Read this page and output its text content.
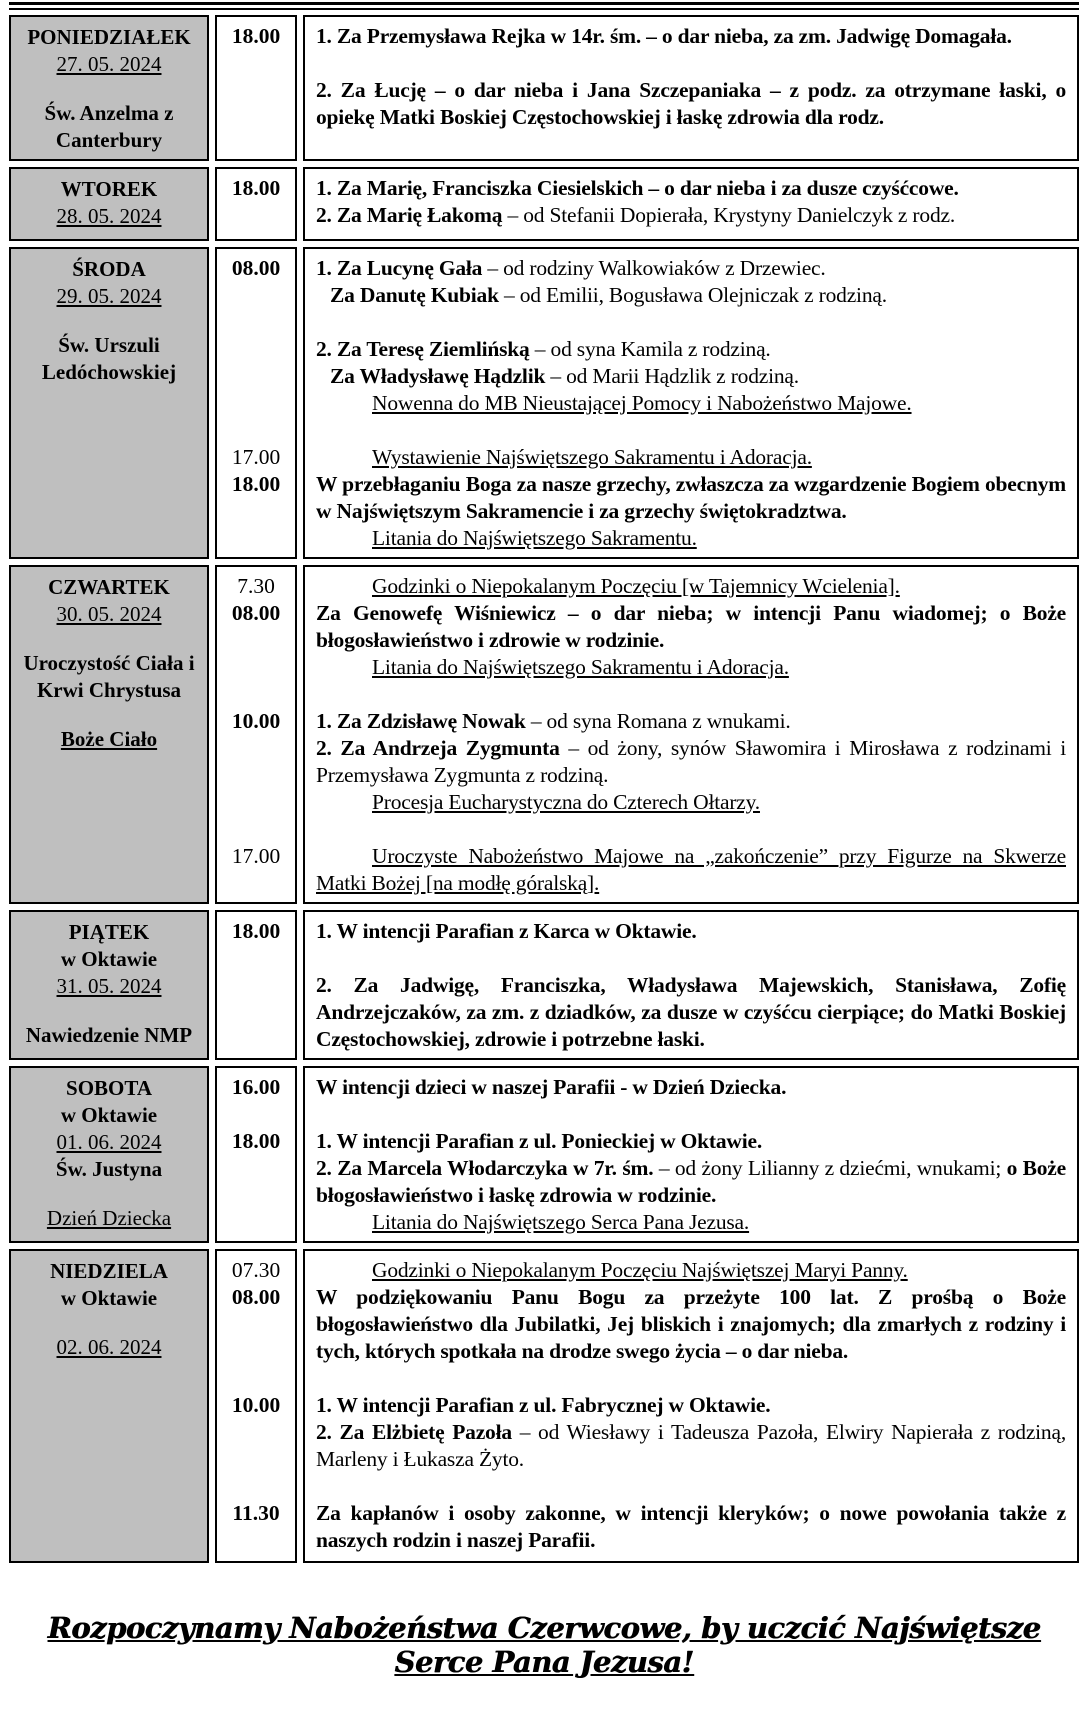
PONIEDZIAŁEK
27. 05. 2024
Św. Anzelma z Canterbury
18.00	1. Za Przemysława Rejka w 14r. śm. – o dar nieba, za zm. Jadwigę Domagała.

2. Za Łucję – o dar nieba i Jana Szczepaniaka – z podz. za otrzymane łaski, o opiekę Matki Boskiej Częstochowskiej i łaskę zdrowia dla rodz.

WTOREK
28. 05. 2024
18.00	1. Za Marię, Franciszka Ciesielskich – o dar nieba i za dusze czyśćcowe.

2. Za Marię Łakomą – od Stefanii Dopierała, Krystyny Danielczyk z rodz.

ŚRODA
29. 05. 2024
Św. Urszuli Ledóchowskiej
08.00	1. Za Lucynę Gała – od rodziny Walkowiaków z Drzewiec.

Za Danutę Kubiak – od Emilii, Bogusława Olejniczak z rodziną.

2. Za Teresę Ziemlińską – od syna Kamila z rodziną.

Za Władysławę Hądzlik – od Marii Hądzlik z rodziną.

Nowenna do MB Nieustającej Pomocy i Nabożeństwo Majowe.

17.00	Wystawienie Najświętszego Sakramentu i Adoracja.

18.00	W przebłaganiu Boga za nasze grzechy, zwłaszcza za wzgardzenie Bogiem obecnym w Najświętszym Sakramencie i za grzechy świętokradztwa.

Litania do Najświętszego Sakramentu.

CZWARTEK
30. 05. 2024
Uroczystość Ciała i Krwi Chrystusa
Boże Ciało
7.30	Godzinki o Niepokalanym Poczęciu [w Tajemnicy Wcielenia].

08.00	Za Genowefę Wiśniewicz – o dar nieba; w intencji Panu wiadomej; o Boże błogosławieństwo i zdrowie w rodzinie.

Litania do Najświętszego Sakramentu i Adoracja.

10.00	1. Za Zdzisławę Nowak – od syna Romana z wnukami.

2. Za Andrzeja Zygmunta – od żony, synów Sławomira i Mirosława z rodzinami i Przemysława Zygmunta z rodziną.

Procesja Eucharystyczna do Czterech Ołtarzy.

17.00	Uroczyste Nabożeństwo Majowe na „zakończenie” przy Figurze na Skwerze Matki Bożej [na modłę góralską].

PIĄTEK
w Oktawie
31. 05. 2024
Nawiedzenie NMP
18.00	1. W intencji Parafian z Karca w Oktawie.

2. Za Jadwigę, Franciszka, Władysława Majewskich, Stanisława, Zofię Andrzejczaków, za zm. z dziadków, za dusze w czyśćcu cierpiące; do Matki Boskiej Częstochowskiej, zdrowie i potrzebne łaski.

SOBOTA
w Oktawie
01. 06. 2024
Św. Justyna
Dzień Dziecka
16.00	W intencji dzieci w naszej Parafii - w Dzień Dziecka.

18.00	1. W intencji Parafian z ul. Ponieckiej w Oktawie.

2. Za Marcela Włodarczyka w 7r. śm. – od żony Lilianny z dziećmi, wnukami; o Boże błogosławieństwo i łaskę zdrowia w rodzinie.

Litania do Najświętszego Serca Pana Jezusa.

NIEDZIELA
w Oktawie
02. 06. 2024
07.30	Godzinki o Niepokalanym Poczęciu Najświętszej Maryi Panny.

08.00	W podziękowaniu Panu Bogu za przeżyte 100 lat. Z prośbą o Boże błogosławieństwo dla Jubilatki, Jej bliskich i znajomych; dla zmarłych z rodziny i tych, których spotkała na drodze swego życia – o dar nieba.

10.00	1. W intencji Parafian z ul. Fabrycznej w Oktawie.

2. Za Elżbietę Pazoła – od Wiesławy i Tadeusza Pazoła, Elwiry Napierała z rodziną, Marleny i Łukasza Żyto.

11.30	Za kapłanów i osoby zakonne, w intencji kleryków; o nowe powołania także z naszych rodzin i naszej Parafii.

Rozpoczynamy Nabożeństwa Czerwcowe, by uczcić Najświętsze Serce Pana Jezusa!
